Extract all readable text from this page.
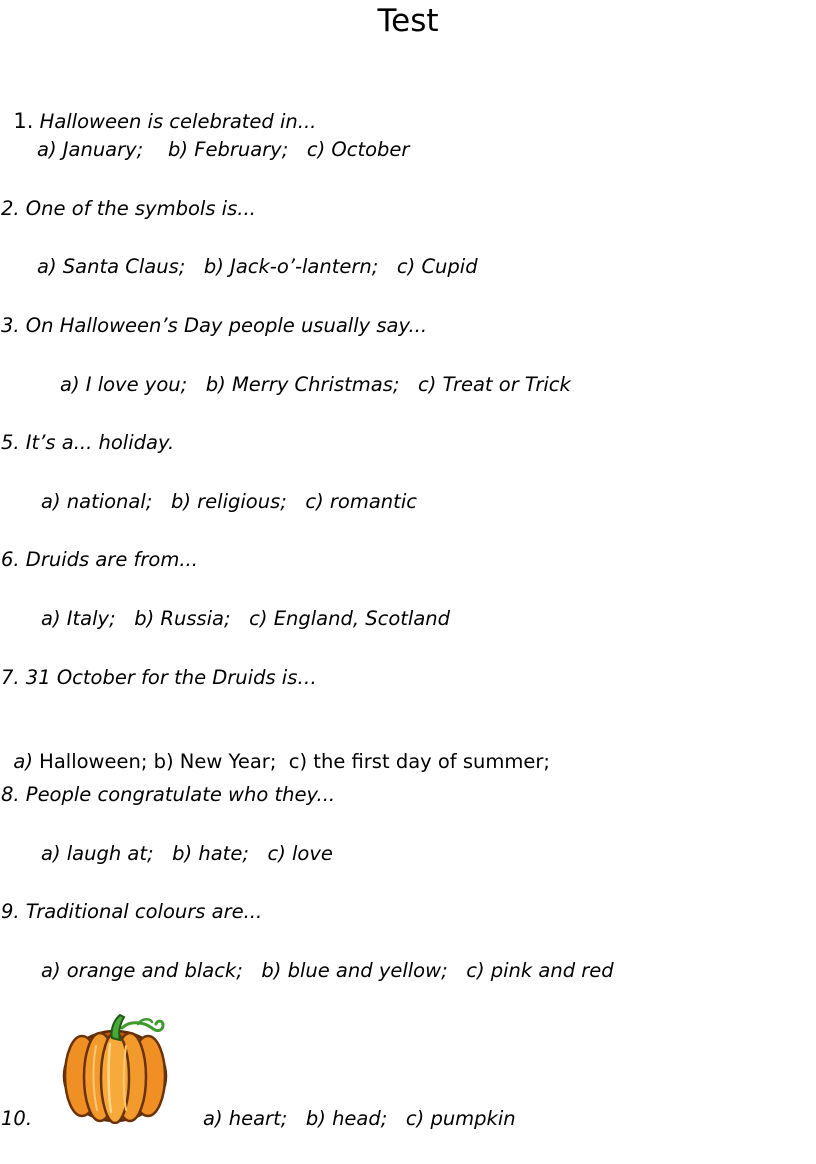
Test

1. Halloween is celebrated in...

a) January;    b) February;   c) October
2. One of the symbols is...
a) Santa Claus;   b) Jack-o’-lantern;   c) Cupid
3. On Halloween’s Day people usually say...
a) I love you;   b) Merry Christmas;   c) Treat or Trick
5. It’s a... holiday.
a) national;   b) religious;   c) romantic
6. Druids are from...
a) Italy;   b) Russia;   c) England, Scotland
7. 31 October for the Druids is…

a) Halloween; b) New Year;  c) the first day of summer;

8. People congratulate who they...
a) laugh at;   b) hate;   c) love
9. Traditional colours are...
a) orange and black;   b) blue and yellow;   c) pink and red
10.	a) heart;   b) head;   c) pumpkin
